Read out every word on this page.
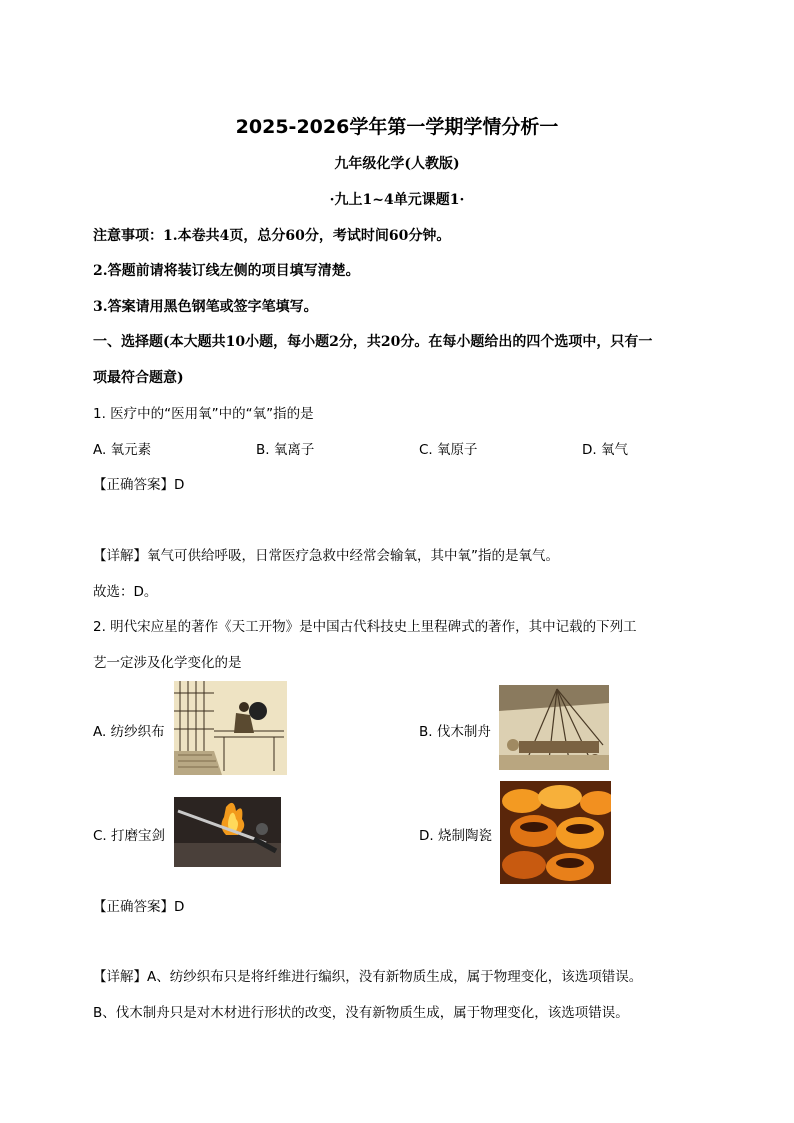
2025-2026学年第一学期学情分析一
九年级化学(人教版)
·九上1~4单元课题1·
注意事项：1.本卷共4页，总分60分，考试时间60分钟。
2.答题前请将装订线左侧的项目填写清楚。
3.答案请用黑色钢笔或签字笔填写。
一、选择题(本大题共10小题，每小题2分，共20分。在每小题给出的四个选项中，只有一
项最符合题意)
1. 医疗中的“医用氧”中的“氧”指的是
A. 氧元素	B. 氧离子	C. 氧原子	D. 氧气
【正确答案】D
【详解】氧气可供给呼吸，日常医疗急救中经常会输氧，其中氧”指的是氧气。
故选：D。
2. 明代宋应星的著作《天工开物》是中国古代科技史上里程碑式的著作，其中记载的下列工
艺一定涉及化学变化的是
A. 纺纱织布	B. 伐木制舟
C. 打磨宝剑	D. 烧制陶瓷
【正确答案】D
【详解】A、纺纱织布只是将纤维进行编织，没有新物质生成，属于物理变化，该选项错误。
B、伐木制舟只是对木材进行形状的改变，没有新物质生成，属于物理变化，该选项错误。
